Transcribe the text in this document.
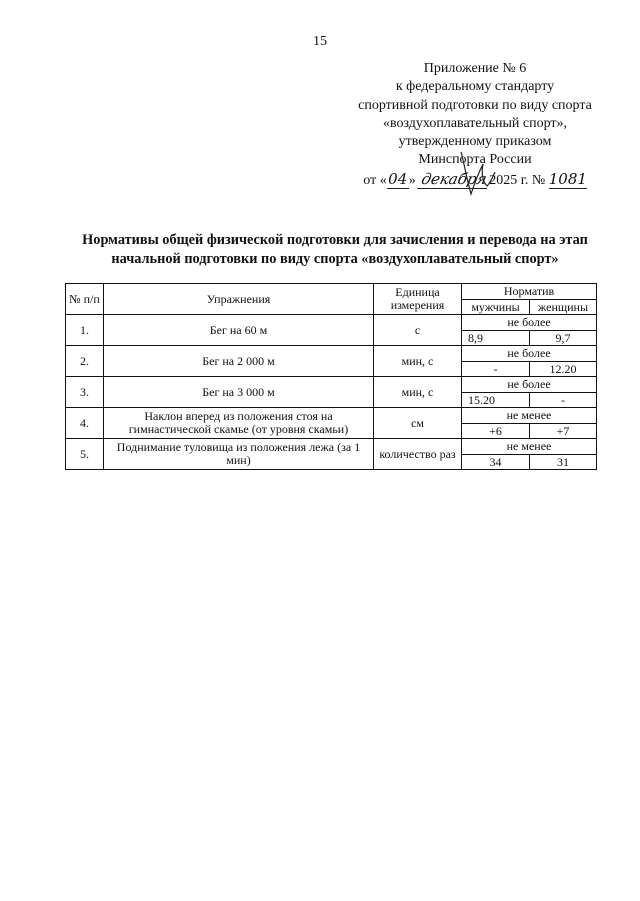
15
Приложение № 6
к федеральному стандарту
спортивной подготовки по виду спорта
«воздухоплавательный спорт»,
утвержденному приказом
Минспорта России
от «04» декабря2025 г. № 1081
Нормативы общей физической подготовки для зачисления и перевода на этап
начальной подготовки по виду спорта «воздухоплавательный спорт»
№ п/п	Упражнения	Единица измерения	Норматив	
			мужчины	женщины
1.	Бег на 60 м	с	не более	
			8,9	9,7
2.	Бег на 2 000 м	мин, с	не более	
			-	12.20
3.	Бег на 3 000 м	мин, с	не более	
			15.20	-
4.	Наклон вперед из положения стоя на гимнастической скамье (от уровня скамьи)	см	не менее	
			+6	+7
5.	Поднимание туловища из положения лежа (за 1 мин)	количество раз	не менее	
			34	31
